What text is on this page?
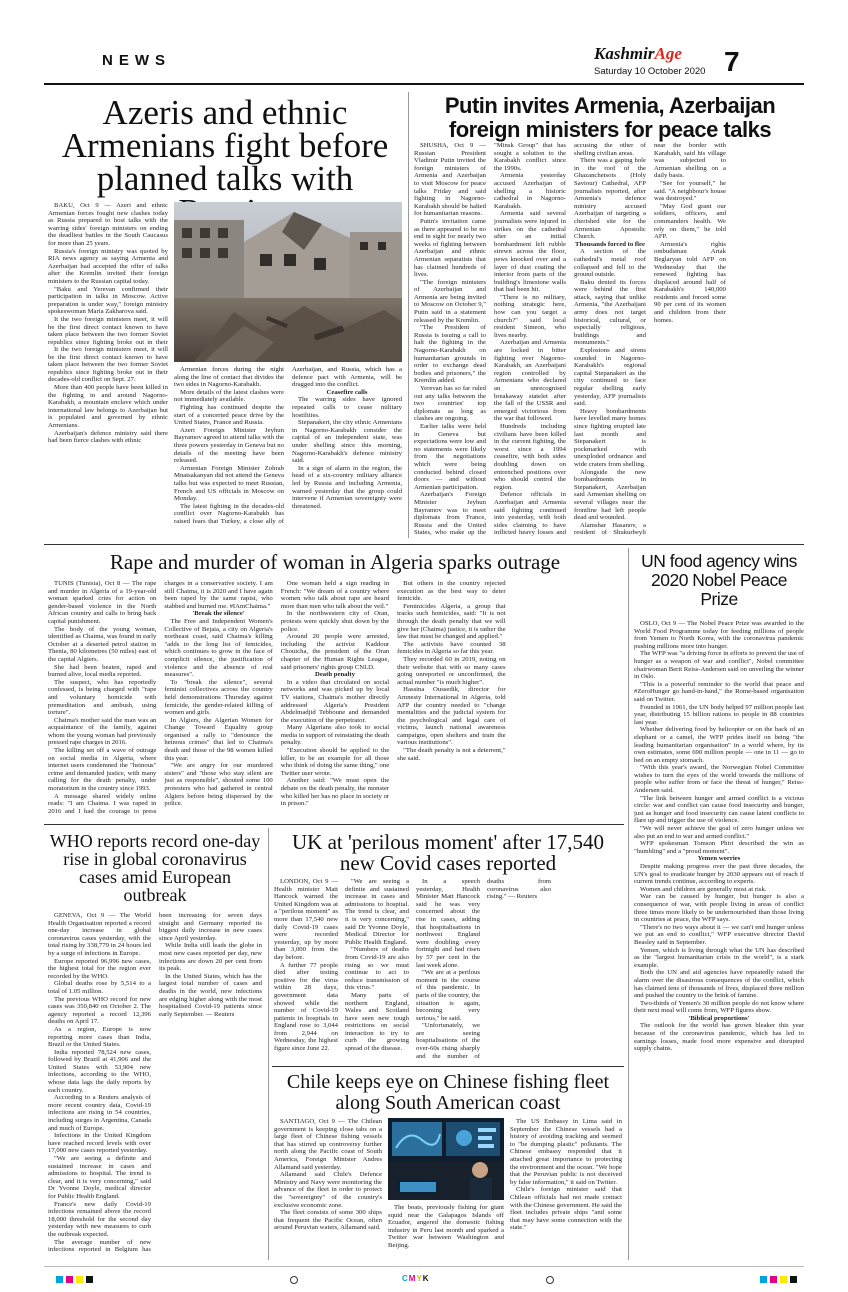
NEWS	KashmirAge
Saturday 10 October 2020 7
Azeris and ethnic Armenians fight before planned talks with

BAKU, Oct 9 — Azeri and ethnic Armenian forces fought new clashes today as Russia prepared to host talks with the warring sides' foreign ministers on ending the deadliest battles in the South Caucasus for more than 25 years.

Russia's foreign ministry was quoted by RIA news agency as saying Armenia and Azerbaijan had accepted the offer of talks after the Kremlin invited their foreign ministers to the Russian capital today.

"Baku and Yerevan confirmed their participation in talks in Moscow. Active preparation is under way," foreign ministry spokeswoman Maria Zakharova said.

It the two foreign ministers meet, it will be the first direct contact known to have taken place between the two former Soviet republics since fighting broke out in their

It the two foreign ministers meet, it will be the first direct contact known to have taken place between the two former Soviet republics since fighting broke out in their decades-old conflict on Sept. 27.

More than 400 people have been killed in the fighting in and around Nagorno-Karabakh, a mountain enclave which under international law belongs to Azerbaijan but is populated and governed by ethnic Armenians.

Azerbaijan's defence ministry said there had been fierce clashes with ethnic

Armenian forces during the night along the line of contact that divides the two sides in Nagorno-Karabakh.

More details of the latest clashes were not immediately available.

Fighting has continued despite the start of a concerted peace drive by the United States, France and Russia.

Azeri Foreign Minister Jeyhun Bayramov agreed to attend talks with the three powers yesterday in Geneva but no details of the meeting have been released.

Armenian Foreign Minister Zohrab Mnatsakanyan did not attend the Geneva talks but was expected to meet Russian, French and US officials in Moscow on Monday.

The latest fighting in the decades-old conflict over Nagorno-Karabakh has raised fears that Turkey, a close ally of Azerbaijan, and Russia, which has a defence pact with Armenia, will be dragged into the conflict.

Ceasefire calls

The warring sides have ignored repeated calls to cease military hostilities.

Stepanakert, the city ethnic Armenians in Nagorno-Karabakh consider the capital of an independent state, was under shelling since this morning, Nagorno-Karabakh's defence ministry said.

In a sign of alarm in the region, the head of a six-country military alliance led by Russia and including Armenia, warned yesterday that the group could intervene if Armenian sovereignty were threatened.

Putin invites Armenia, Azerbaijan foreign ministers for peace talks

SHUSHA, Oct 9 — Russian President Vladimir Putin invited the foreign ministers of Armenia and Azerbaijan to visit Moscow for peace talks Friday and said fighting in Nagorno-Karabakh should be halted for humanitarian reasons.

Putin's invitation came as there appeared to be no end in sight for nearly two weeks of fighting between Azerbaijan and ethnic Armenian separatists that has claimed hundreds of lives.

"The foreign ministers of Azerbaijan and Armenia are being invited to Moscow on October 9," Putin said in a statement released by the Kremlin.

"The President of Russia is issuing a call to halt the fighting in the Nagorno-Karabakh on humanitarian grounds in order to exchange dead bodies and prisoners," the Kremlin added.

Yerevan has so far ruled out any talks between the two countries' top diplomats as long as clashes are ongoing.

Earlier talks were held in Geneva but expectations were low and no statements were likely from the negotiations which were being conducted behind closed doors — and without Armenian participation.

Azerbaijan's Foreign Minister Jeyhun Bayramov was to meet diplomats from France, Russia and the United States, who make up the "Minsk Group" that has sought a solution to the Karabakh conflict since the 1990s.

Armenia yesterday accused Azerbaijan of shelling a historic cathedral in Nagorno-Karabakh.

Armenia said several journalists were injured in strikes on the cathedral after an initial bombardment left rubble strewn across the floor, pews knocked over and a layer of dust coating the interior from parts of the building's limestone walls that had been hit.

"There is no military, nothing strategic here, how can you target a church?" said local resident Simeon, who lives nearby.

Azerbaijan and Armenia are locked in bitter fighting over Nagorno-Karabakh, an Azerbaijani region controlled by Armenians who declared an unrecognised breakaway statelet after the fall of the USSR and emerged victorious from the war that followed.

Hundreds including civilians have been killed in the current fighting, the worst since a 1994 ceasefire, with both sides doubling down on entrenched positions over who should control the region.

Defence officials in Azerbaijan and Armenia said fighting continued into yesterday, with both sides claiming to have inflicted heavy losses and accusing the other of shelling civilian areas.

There was a gaping hole in the roof of the Ghazanchetsots (Holy Saviour) Cathedral, AFP journalists reported, after Armenia's defence ministry accused Azerbaijan of targeting a cherished site for the Armenian Apostolic Church.

Thousands forced to flee

A section of the cathedral's metal roof collapsed and fell to the ground outside.

Baku denied its forces were behind the first attack, saying that unlike Armenia, "the Azerbaijani army does not target historical, cultural, or especially religious, buildings and monuments."

Explosions and sirens sounded in Nagorno-Karabakh's regional capital Stepanakert as the city continued to face regular shelling early yesterday, AFP journalists said.

Heavy bombardments have levelled many homes since fighting erupted late last month and Stepanakert is pockmarked with unexploded ordnance and wide craters from shelling.

Alongside the new bombardments in Stepanakert, Azerbaijan said Armenian shelling on several villages near the frontline had left people dead and wounded.

Alamshar Hasanov, a resident of Shukurbeyli near the border with Karabakh, said his village was subjected to Armenian shelling on a daily basis.

"See for yourself," he said. "A neighbour's house was destroyed."

"May God grant our soldiers, officers, and commanders health. We rely on them," he told AFP.

Armenia's rights ombudsman Artak Beglaryan told AFP on Wednesday that the renewed fighting has displaced around half of Karabakh's 140,000 residents and forced some 90 per cent of its women and children from their homes.

Rape and murder of woman in Algeria sparks outrage

TUNIS (Tunisia), Oct 8 — The rape and murder in Algeria of a 19-year-old woman sparked cries for action on gender-based violence in the North African country and calls to bring back capital punishment.

The body of the young woman, identified as Chaima, was found in early October at a deserted petrol station in Thenia, 80 kilometres (50 miles) east of the capital Algiers.

She had been beaten, raped and burned alive, local media reported.

The suspect, who has reportedly confessed, is being charged with "rape and voluntary homicide with premeditation and ambush, using torture".

Chaima's mother said the man was an acquaintance of the family, against whom the young woman had previously pressed rape charges in 2016.

The killing set off a wave of outrage on social media in Algeria, where internet users condemned the "heinous" crime and demanded justice, with many calling for the death penalty, under moratorium in the country since 1993.

A message shared widely online reads: "I am Chaima. I was raped in 2016 and I had the courage to press charges in a conservative society. I am still Chaima, it is 2020 and I have again been raped by the same rapist, who stabbed and burned me. #IAmChaima."

'Break the silence'

The Free and Independent Women's Collective of Bejaia, a city on Algeria's northeast coast, said Chaima's killing "adds to the long list of femicides, which continues to grow in the face of complicit silence, the justification of violence and the absence of real measures".

To "break the silence", several feminist collectives across the country held demonstrations Thursday against femicide, the gender-related killing of women and girls.

In Algiers, the Algerian Women for Change Toward Equality group organised a rally to "denounce the heinous crimes" that led to Chaima's death and those of the 98 women killed this year.

"We are angry for our murdered sisters" and "those who stay silent are just as responsible", shouted some 100 protesters who had gathered in central Algiers before being dispersed by the police.

One woman held a sign reading in French: "We dream of a country where women who talk about rape are heard more than men who talk about the veil."

In the northwestern city of Oran, protests were quickly shut down by the police.

Around 20 people were arrested, including the activist Kaddour Chouicha, the president of the Oran chapter of the Human Rights League, said prisoners' rights group CNLD.

Death penalty

In a video that circulated on social networks and was picked up by local TV stations, Chaima's mother directly addressed Algeria's President Abdelmadjid Tebboune and demanded the execution of the perpetrator.

Many Algerians also took to social media in support of reinstating the death penalty.

"Execution should be applied to the killer, to be an example for all those who think of doing the same thing," one Twitter user wrote.

Another said: "We must open the debate on the death penalty, the monster who killed her has no place in society or in prison."

But others in the country rejected execution as the best way to deter femicide.

Feminicides Algeria, a group that tracks such homicides, said: "It is not through the death penalty that we will give her (Chaima) justice, it is rather the law that must be changed and applied."

The activists have counted 38 femicides in Algeria so far this year.

They recorded 60 in 2019, noting on their website that with so many cases going unreported or unconfirmed, the actual number "is much higher".

Hassina Oussedik, director for Amnesty International in Algeria, told AFP the country needed to "change mentalities and the judicial system for the psychological and legal care of victims, launch national awareness campaigns, open shelters and train the various institutions".

"The death penalty is not a deterrent," she said.

UN food agency wins 2020 Nobel Peace Prize

OSLO, Oct 9 — The Nobel Peace Prize was awarded to the World Food Programme today for feeding millions of people from Yemen to North Korea, with the coronavirus pandemic pushing millions more into hunger.

The WFP was "a driving force in efforts to prevent the use of hunger as a weapon of war and conflict", Nobel committee chairwoman Berit Reiss-Andersen said on unveiling the winner in Oslo.

"This is a powerful reminder to the world that peace and #ZeroHunger go hand-in-hand," the Rome-based organisation said on Twitter.

Founded in 1961, the UN body helped 97 million people last year, distributing 15 billion rations to people in 88 countries last year.

Whether delivering food by helicopter or on the back of an elephant or a camel, the WFP prides itself on being "the leading humanitarian organisation" in a world where, by its own estimates, some 690 million people — one in 11 — go to bed on an empty stomach.

"With this year's award, the Norwegian Nobel Committee wishes to turn the eyes of the world towards the millions of people who suffer from or face the threat of hunger," Reiss-Andersen said.

"The link between hunger and armed conflict is a vicious circle: war and conflict can cause food insecurity and hunger, just as hunger and food insecurity can cause latent conflicts to flare up and trigger the use of violence.

"We will never achieve the goal of zero hunger unless we also put an end to war and armed conflict."

WFP spokesman Tomson Phiri described the win as "humbling" and a "proud moment".

Yemen worries

Despite making progress over the past three decades, the UN's goal to eradicate hunger by 2030 appears out of reach if current trends continue, according to experts.

Women and children are generally most at risk.

War can be caused by hunger, but hunger is also a consequence of war, with people living in areas of conflict three times more likely to be undernourished than those living in countries at peace, the WFP says.

"There's no two ways about it — we can't end hunger unless we put an end to conflict," WFP executive director David Beasley said in September.

Yemen, which is living through what the UN has described as the "largest humanitarian crisis in the world", is a stark example.

Both the UN and aid agencies have repeatedly raised the alarm over the disastrous consequences of the conflict, which has claimed tens of thousands of lives, displaced three million and pushed the country to the brink of famine.

Two-thirds of Yemen's 30 million people do not know where their next meal will come from, WFP figures show.

'Biblical proportions'

The outlook for the world has grown bleaker this year because of the coronavirus pandemic, which has led to earnings losses, made food more expensive and disrupted supply chains.

WHO reports record one-day rise in global coronavirus cases amid European outbreak

GENEVA, Oct 9 — The World Health Organisation reported a record one-day increase in global coronavirus cases yesterday, with the total rising by 338,779 in 24 hours led by a surge of infections in Europe.

Europe reported 96,996 new cases, the highest total for the region ever recorded by the WHO.

Global deaths rose by 5,514 to a total of 1.05 million.

The previous WHO record for new cases was 350,840 on October 2. The agency reported a record 12,396 deaths on April 17.

As a region, Europe is now reporting more cases than India, Brazil or the United States.

India reported 78,524 new cases, followed by Brazil at 41,906 and the United States with 53,904 new infections, according to the WHO, whose data lags the daily reports by each country.

According to a Reuters analysis of more recent country data, Covid-19 infections are rising in 54 countries, including surges in Argentina, Canada and much of Europe.

Infections in the United Kingdom have reached record levels with over 17,000 new cases reported yesterday.

"We are seeing a definite and sustained increase in cases and admissions to hospital. The trend is clear, and it is very concerning," said Dr Yvonne Doyle, medical director for Public Health England.

France's new daily Covid-19 infections remained above the record 18,000 threshold for the second day yesterday with new measures to curb the outbreak expected.

The average number of new infections reported in Belgium has been increasing for seven days straight and Germany reported its biggest daily increase in new cases since April yesterday.

While India still leads the globe in most new cases reported per day, new infections are down 20 per cent from its peak.

In the United States, which has the largest total number of cases and deaths in the world, new infections are edging higher along with the most hospitalised Covid-19 patients since early September. — Reuters

UK at 'perilous moment' after 17,540 new Covid cases reported

LONDON, Oct 9 — Health minister Matt Hancock warned the United Kingdom was at a "perilous moment" as more than 17,540 new daily Covid-19 cases were recorded yesterday, up by more than 3,000 from the day before.

A further 77 people died after testing positive for the virus within 28 days, government data showed while the number of Covid-19 patients in hospitals in England rose to 3,044 from 2,944 on Wednesday, the highest figure since June 22.

"We are seeing a definite and sustained increase in cases and admissions to hospital. The trend is clear, and it is very concerning," said Dr Yvonne Doyle, Medical Director for Public Health England.

"Numbers of deaths from Covid-19 are also rising so we must continue to act to reduce transmission of this virus."

Many parts of northern England, Wales and Scotland have seen new tough restrictions on social interaction to try to curb the growing spread of the disease.

In a speech yesterday, Health Minister Matt Hancock said he was very concerned about the rise in cases, adding that hospitalisations in northwest England were doubling every fortnight and had risen by 57 per cent in the last week alone.

"We are at a perilous moment in the course of this pandemic. In parts of the country, the situation is again, becoming very serious," he said.

"Unfortunately, we are seeing hospitalisations of the over-60s rising sharply and the number of deaths from coronavirus also rising." — Reuters

Chile keeps eye on Chinese fishing fleet along South American coast

SANTIAGO, Oct 9 — The Chilean government is keeping close tabs on a large fleet of Chinese fishing vessels that has stirred up controversy further north along the Pacific coast of South America, Foreign Minister Andres Allamand said yesterday.

Allamand said Chile's Defence Ministry and Navy were monitoring the advance of the fleet in order to protect the "sovereignty" of the country's exclusive economic zone.

The fleet consists of some 300 ships that frequent the Pacific Ocean, often around Peruvian waters, Allamand said.

The boats, previously fishing for giant squid near the Galapagos Islands off Ecuador, angered the domestic fishing industry in Peru last month and sparked a Twitter war between Washington and Beijing.

The US Embassy in Lima said in September the Chinese vessels had a history of avoiding tracking and seemed to "be dumping plastic" pollutants. The Chinese embassy responded that it attached great importance to protecting the environment and the ocean. "We hope that the Peruvian public is not deceived by false information," it said on Twitter.

Chile's foreign minister said that Chilean officials had not made contact with the Chinese government. He said the fleet includes private ships "and some that may have some connection with the state."

CMYK
